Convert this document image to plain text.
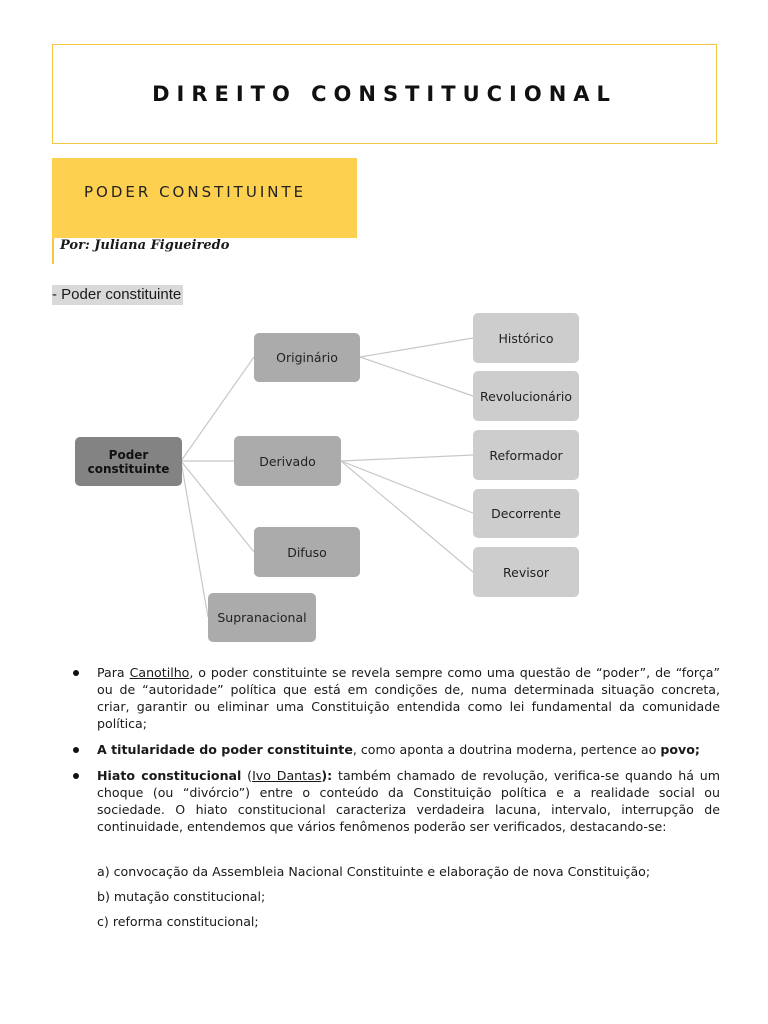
DIREITO CONSTITUCIONAL
PODER CONSTITUINTE
Por: Juliana Figueiredo
- Poder constituinte
Poder constituinte
Originário
Derivado
Difuso
Supranacional
Histórico
Revolucionário
Reformador
Decorrente
Revisor
Para Canotilho, o poder constituinte se revela sempre como uma questão de “poder”, de “força” ou de “autoridade” política que está em condições de, numa determinada situação concreta, criar, garantir ou eliminar uma Constituição entendida como lei fundamental da comunidade política;
A titularidade do poder constituinte, como aponta a doutrina moderna, pertence ao povo;
Hiato constitucional (Ivo Dantas): também chamado de revolução, verifica-se quando há um choque (ou “divórcio”) entre o conteúdo da Constituição política e a realidade social ou sociedade. O hiato constitucional caracteriza verdadeira lacuna, intervalo, interrupção de continuidade, entendemos que vários fenômenos poderão ser verificados, destacando-se:
a) convocação da Assembleia Nacional Constituinte e elaboração de nova Constituição;
b) mutação constitucional;
c) reforma constitucional;
